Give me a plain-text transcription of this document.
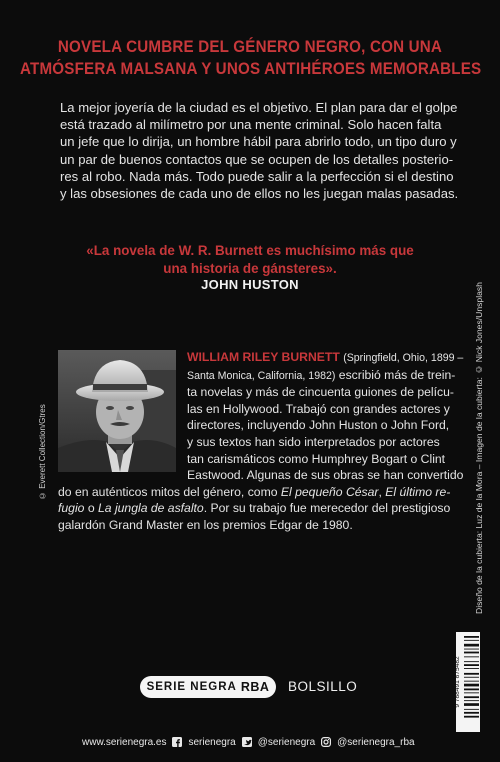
NOVELA CUMBRE DEL GÉNERO NEGRO, CON UNA
ATMÓSFERA MALSANA Y UNOS ANTIHÉROES MEMORABLES
La mejor joyería de la ciudad es el objetivo. El plan para dar el golpe
está trazado al milímetro por una mente criminal. Solo hacen falta
un jefe que lo dirija, un hombre hábil para abrirlo todo, un tipo duro y
un par de buenos contactos que se ocupen de los detalles posterio-
res al robo. Nada más. Todo puede salir a la perfección si el destino
y las obsesiones de cada uno de ellos no les juegan malas pasadas.
«La novela de W. R. Burnett es muchísimo más que
una historia de gánsteres».
JOHN HUSTON
© Everett Collection/Gtres
WILLIAM RILEY BURNETT (Springfield, Ohio, 1899 –
Santa Monica, California, 1982) escribió más de trein-
ta novelas y más de cincuenta guiones de pelícu-
las en Hollywood. Trabajó con grandes actores y
directores, incluyendo John Huston o John Ford,
y sus textos han sido interpretados por actores
tan carismáticos como Humphrey Bogart o Clint
Eastwood. Algunas de sus obras se han convertido
do en auténticos mitos del género, como El pequeño César, El último re-
fugio o La jungla de asfalto. Por su trabajo fue merecedor del prestigioso
galardón Grand Master en los premios Edgar de 1980.	Diseño de la cubierta: Luz de la Mora – Imagen de la cubierta: © Nick Jones/Unsplash
9 788491 875482
SERIE NEGRA RBA BOLSILLO
www.serienegra.es serienegra @serienegra @serienegra_rba
